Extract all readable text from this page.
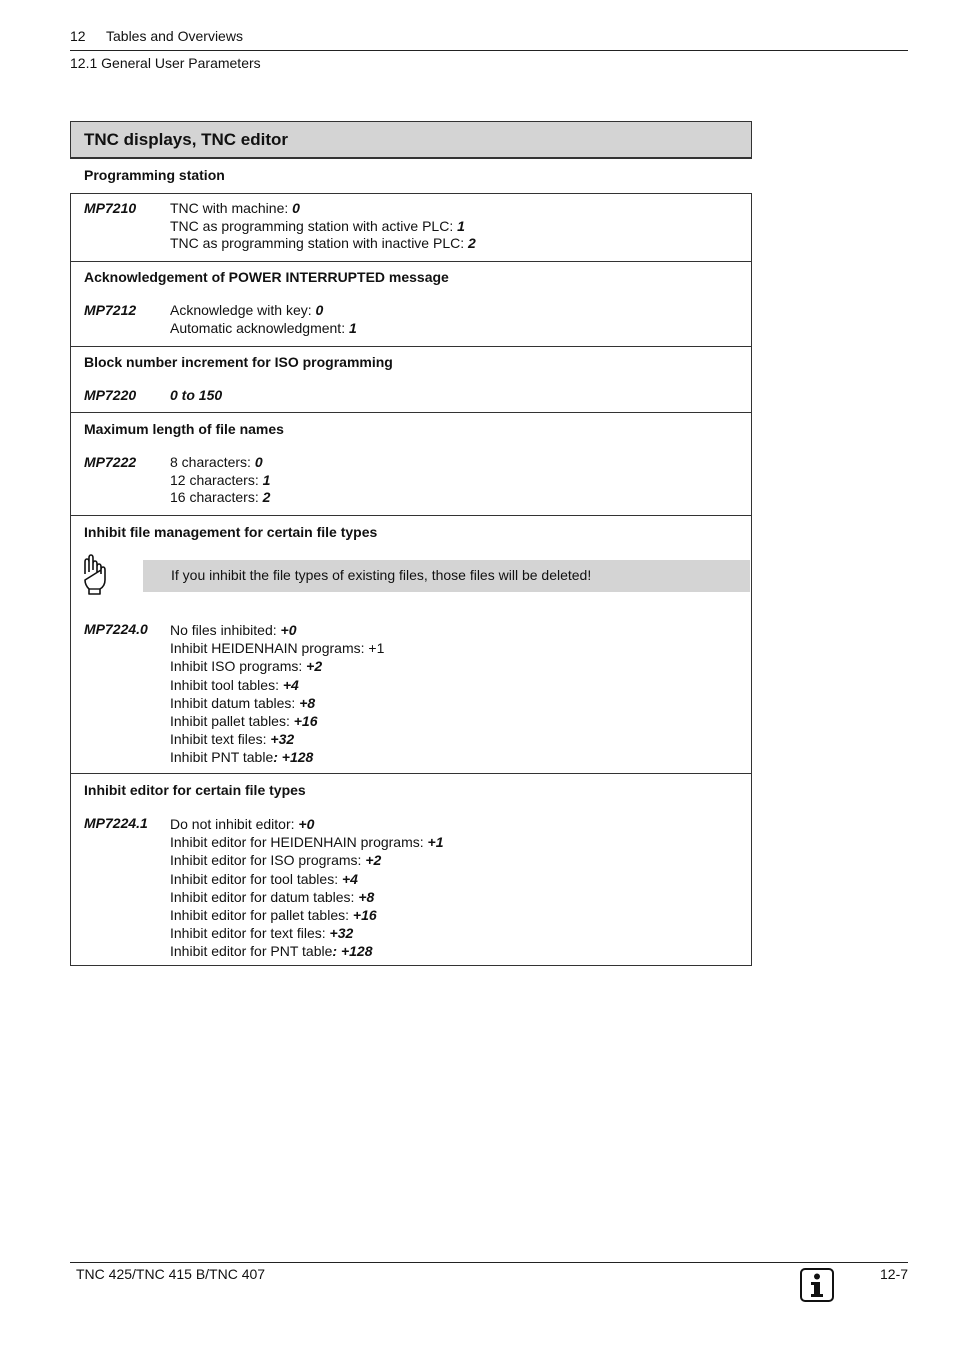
12 Tables and Overviews
12.1 General User Parameters
TNC displays, TNC editor
Programming station
MP7210 TNC with machine: 0
TNC as programming station with active PLC: 1
TNC as programming station with inactive PLC: 2
Acknowledgement of POWER INTERRUPTED message
MP7212 Acknowledge with key: 0
Automatic acknowledgment: 1
Block number increment for ISO programming
MP7220 0 to 150
Maximum length of file names
MP7222 8 characters: 0
12 characters: 1
16 characters: 2
Inhibit file management for certain file types
If you inhibit the file types of existing files, those files will be deleted!
MP7224.0 No files inhibited: +0
Inhibit HEIDENHAIN programs: +1
Inhibit ISO programs: +2
Inhibit tool tables: +4
Inhibit datum tables: +8
Inhibit pallet tables: +16
Inhibit text files: +32
Inhibit PNT table: +128
Inhibit editor for certain file types
MP7224.1 Do not inhibit editor: +0
Inhibit editor for HEIDENHAIN programs: +1
Inhibit editor for ISO programs: +2
Inhibit editor for tool tables: +4
Inhibit editor for datum tables: +8
Inhibit editor for pallet tables: +16
Inhibit editor for text files: +32
Inhibit editor for PNT table: +128
TNC 425/TNC 415 B/TNC 407	12-7
